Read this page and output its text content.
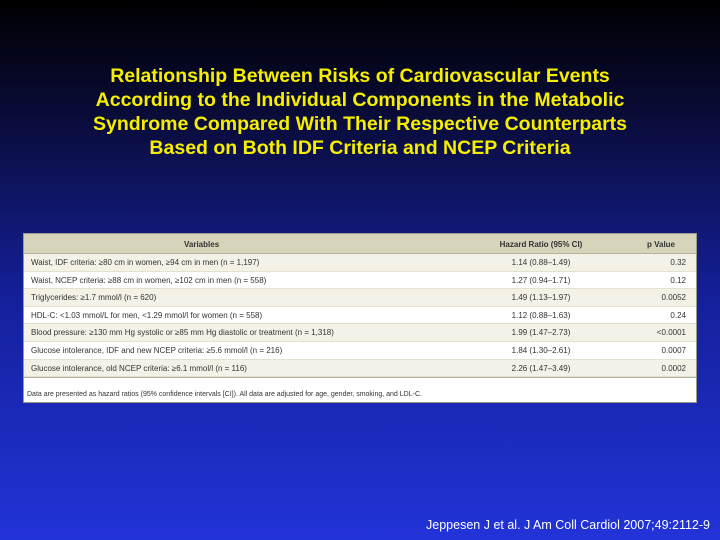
Relationship Between Risks of Cardiovascular Events
According to the Individual Components in the Metabolic
Syndrome Compared With Their Respective Counterparts
Based on Both IDF Criteria and NCEP Criteria
Variables	Hazard Ratio (95% CI)	p Value
Waist, IDF criteria: ≥80 cm in women, ≥94 cm in men (n = 1,197)	1.14 (0.88–1.49)	0.32
Waist, NCEP criteria: ≥88 cm in women, ≥102 cm in men (n = 558)	1.27 (0.94–1.71)	0.12
Triglycerides: ≥1.7 mmol/l (n = 620)	1.49 (1.13–1.97)	0.0052
HDL-C: <1.03 mmol/L for men, <1.29 mmol/l for women (n = 558)	1.12 (0.88–1.63)	0.24
Blood pressure: ≥130 mm Hg systolic or ≥85 mm Hg diastolic or treatment (n = 1,318)	1.99 (1.47–2.73)	<0.0001
Glucose intolerance, IDF and new NCEP criteria: ≥5.6 mmol/l (n = 216)	1.84 (1.30–2.61)	0.0007
Glucose intolerance, old NCEP criteria: ≥6.1 mmol/l (n = 116)	2.26 (1.47–3.49)	0.0002
Data are presented as hazard ratios (95% confidence intervals [CI]). All data are adjusted for age, gender, smoking, and LDL-C.
Jeppesen J et al. J Am Coll Cardiol 2007;49:2112-9
